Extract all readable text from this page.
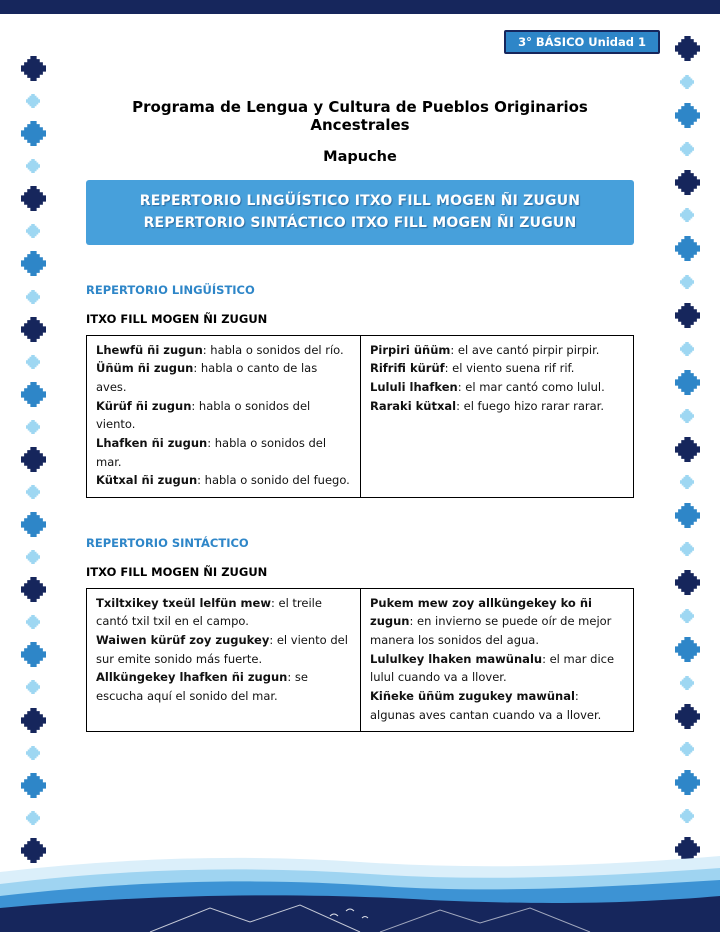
3° BÁSICO Unidad 1
Programa de Lengua y Cultura de Pueblos Originarios Ancestrales
Mapuche

REPERTORIO LINGÜÍSTICO ITXO FILL MOGEN ÑI ZUGUN

REPERTORIO SINTÁCTICO ITXO FILL MOGEN ÑI ZUGUN

REPERTORIO LINGÜÍSTICO
ITXO FILL MOGEN ÑI ZUGUN

Lhewfü ñi zugun: habla o sonidos del río.

Üñüm ñi zugun: habla o canto de las aves.

Kürüf ñi zugun: habla o sonidos del viento.

Lhafken ñi zugun: habla o sonidos del mar.

Kütxal ñi zugun: habla o sonido del fuego.

Pirpiri üñüm: el ave cantó pirpir pirpir.

Rifrifi kürüf: el viento suena rif rif.

Lululi lhafken: el mar cantó como lulul.

Raraki kütxal: el fuego hizo rarar rarar.

REPERTORIO SINTÁCTICO
ITXO FILL MOGEN ÑI ZUGUN

Txiltxikey txeül lelfün mew: el treile cantó txil txil en el campo.

Waiwen kürüf zoy zugukey: el viento del sur emite sonido más fuerte.

Allküngekey lhafken ñi zugun: se escucha aquí el sonido del mar.

Pukem mew zoy allküngekey ko ñi zugun: en invierno se puede oír de mejor manera los sonidos del agua.

Lululkey lhaken mawünalu: el mar dice lulul cuando va a llover.

Kiñeke üñüm zugukey mawünal: algunas aves cantan cuando va a llover.
